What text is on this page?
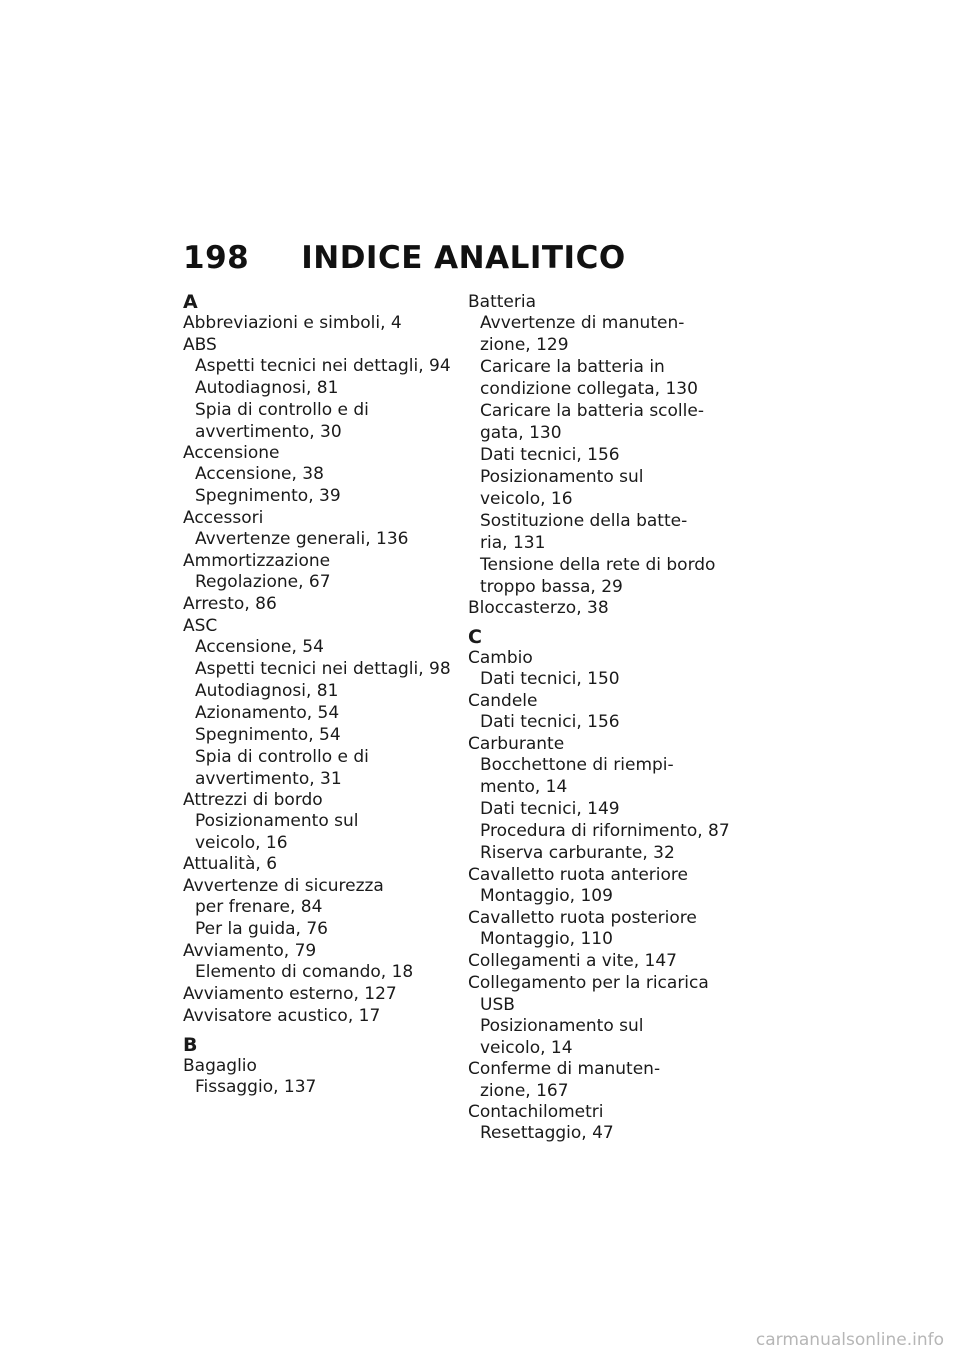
198 INDICE ANALITICO
A
Abbreviazioni e simboli, 4
ABS
Aspetti tecnici nei dettagli, 94
Autodiagnosi, 81
Spia di controllo e di
avvertimento, 30
Accensione
Accensione, 38
Spegnimento, 39
Accessori
Avvertenze generali, 136
Ammortizzazione
Regolazione, 67
Arresto, 86
ASC
Accensione, 54
Aspetti tecnici nei dettagli, 98
Autodiagnosi, 81
Azionamento, 54
Spegnimento, 54
Spia di controllo e di
avvertimento, 31
Attrezzi di bordo
Posizionamento sul
veicolo, 16
Attualità, 6
Avvertenze di sicurezza
per frenare, 84
Per la guida, 76
Avviamento, 79
Elemento di comando, 18
Avviamento esterno, 127
Avvisatore acustico, 17
B
Bagaglio
Fissaggio, 137
Batteria
Avvertenze di manuten-
zione, 129
Caricare la batteria in
condizione collegata, 130
Caricare la batteria scolle-
gata, 130
Dati tecnici, 156
Posizionamento sul
veicolo, 16
Sostituzione della batte-
ria, 131
Tensione della rete di bordo
troppo bassa, 29
Bloccasterzo, 38
C
Cambio
Dati tecnici, 150
Candele
Dati tecnici, 156
Carburante
Bocchettone di riempi-
mento, 14
Dati tecnici, 149
Procedura di rifornimento, 87
Riserva carburante, 32
Cavalletto ruota anteriore
Montaggio, 109
Cavalletto ruota posteriore
Montaggio, 110
Collegamenti a vite, 147
Collegamento per la ricarica
USB
Posizionamento sul
veicolo, 14
Conferme di manuten-
zione, 167
Contachilometri
Resettaggio, 47
carmanualsonline.info
